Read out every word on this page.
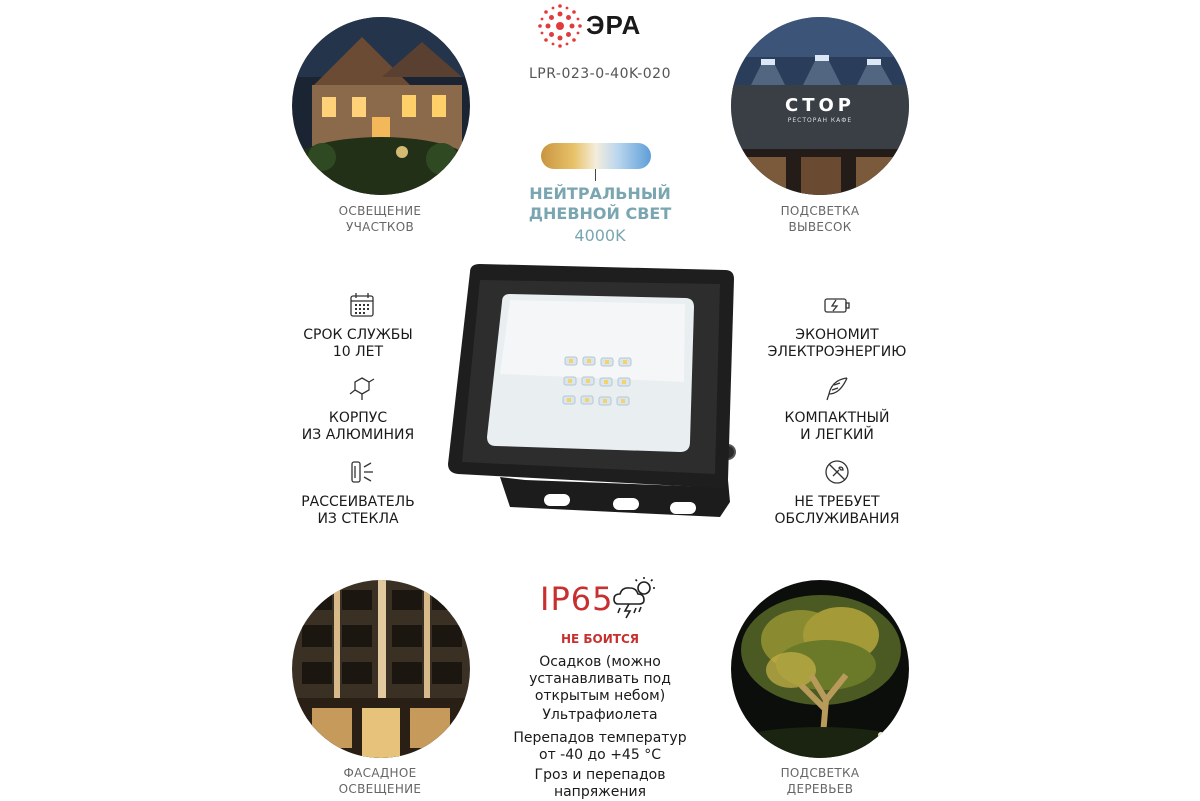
ЭРА
LPR-023-0-40K-020
ОСВЕЩЕНИЕ
УЧАСТКОВ
СТОР
РЕСТОРАН КАФЕ
ПОДСВЕТКА
ВЫВЕСОК
ФАСАДНОЕ
ОСВЕЩЕНИЕ
ПОДСВЕТКА
ДЕРЕВЬЕВ
НЕЙТРАЛЬНЫЙ
ДНЕВНОЙ СВЕТ
4000K
СРОК СЛУЖБЫ
10 ЛЕТ
КОРПУС
ИЗ АЛЮМИНИЯ
РАССЕИВАТЕЛЬ
ИЗ СТЕКЛА
ЭКОНОМИТ
ЭЛЕКТРОЭНЕРГИЮ
КОМПАКТНЫЙ
И ЛЕГКИЙ
НЕ ТРЕБУЕТ
ОБСЛУЖИВАНИЯ
IP65
НЕ БОИТСЯ
Осадков (можно
устанавливать под
открытым небом)
Ультрафиолета
Перепадов температур
от -40 до +45 °С
Гроз и перепадов
напряжения
